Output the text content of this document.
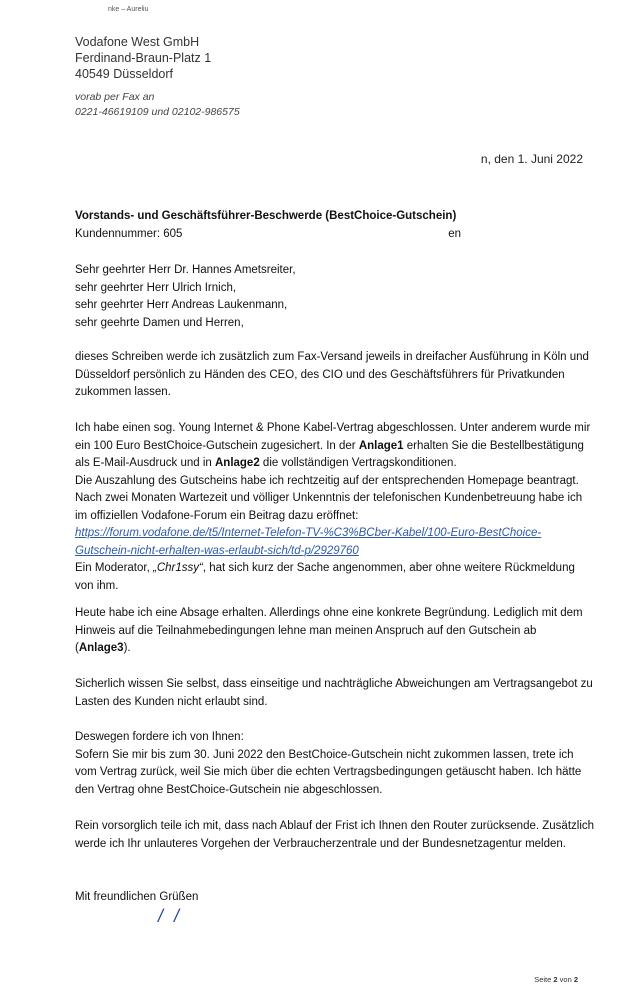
nke – Aureliu
Vodafone West GmbH
Ferdinand-Braun-Platz 1
40549 Düsseldorf
vorab per Fax an
0221-46619109 und 02102-986575
n, den 1. Juni 2022
Vorstands- und Geschäftsführer-Beschwerde (BestChoice-Gutschein)
Kundennummer: 605	en
Sehr geehrter Herr Dr. Hannes Ametsreiter,
sehr geehrter Herr Ulrich Irnich,
sehr geehrter Herr Andreas Laukenmann,
sehr geehrte Damen und Herren,

dieses Schreiben werde ich zusätzlich zum Fax-Versand jeweils in dreifacher Ausführung in Köln und Düsseldorf persönlich zu Händen des CEO, des CIO und des Geschäftsführers für Privatkunden zukommen lassen.

Ich habe einen sog. Young Internet & Phone Kabel-Vertrag abgeschlossen. Unter anderem wurde mir ein 100 Euro BestChoice-Gutschein zugesichert. In der Anlage1 erhalten Sie die Bestellbestätigung als E-Mail-Ausdruck und in Anlage2 die vollständigen Vertragskonditionen.

Die Auszahlung des Gutscheins habe ich rechtzeitig auf der entsprechenden Homepage beantragt. Nach zwei Monaten Wartezeit und völliger Unkenntnis der telefonischen Kundenbetreuung habe ich im offiziellen Vodafone-Forum ein Beitrag dazu eröffnet:

https://forum.vodafone.de/t5/Internet-Telefon-TV-%C3%BCber-Kabel/100-Euro-BestChoice-Gutschein-nicht-erhalten-was-erlaubt-sich/td-p/2929760

Ein Moderator, „Chr1ssy“, hat sich kurz der Sache angenommen, aber ohne weitere Rückmeldung von ihm.

Heute habe ich eine Absage erhalten. Allerdings ohne eine konkrete Begründung. Lediglich mit dem Hinweis auf die Teilnahmebedingungen lehne man meinen Anspruch auf den Gutschein ab (Anlage3).

Sicherlich wissen Sie selbst, dass einseitige und nachträgliche Abweichungen am Vertragsangebot zu Lasten des Kunden nicht erlaubt sind.

Deswegen fordere ich von Ihnen:

Sofern Sie mir bis zum 30. Juni 2022 den BestChoice-Gutschein nicht zukommen lassen, trete ich vom Vertrag zurück, weil Sie mich über die echten Vertragsbedingungen getäuscht haben. Ich hätte den Vertrag ohne BestChoice-Gutschein nie abgeschlossen.

Rein vorsorglich teile ich mit, dass nach Ablauf der Frist ich Ihnen den Router zurücksende. Zusätzlich werde ich Ihr unlauteres Vorgehen der Verbraucherzentrale und der Bundesnetzagentur melden.

Mit freundlichen Grüßen
/ /
Seite 2 von 2
